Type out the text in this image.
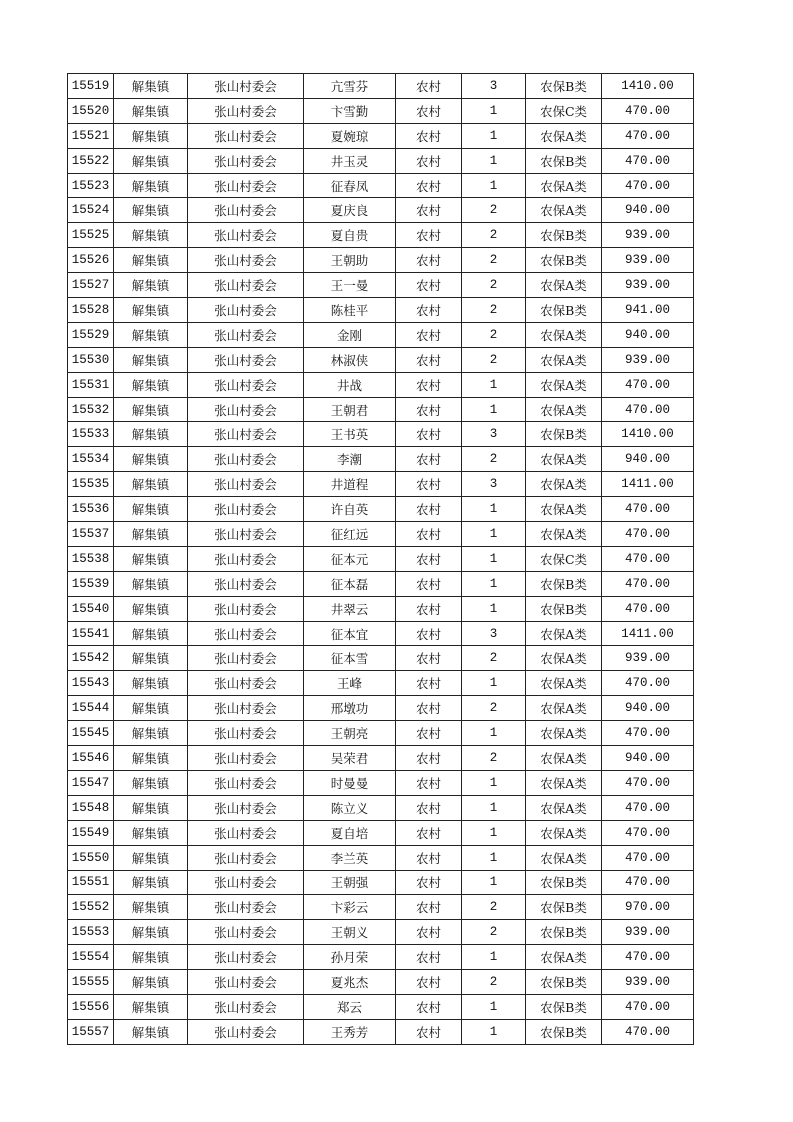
15519	解集镇	张山村委会	亢雪芬	农村	3	农保B类	1410.00
15520	解集镇	张山村委会	卞雪勤	农村	1	农保C类	470.00
15521	解集镇	张山村委会	夏婉琼	农村	1	农保A类	470.00
15522	解集镇	张山村委会	井玉灵	农村	1	农保B类	470.00
15523	解集镇	张山村委会	征春凤	农村	1	农保A类	470.00
15524	解集镇	张山村委会	夏庆良	农村	2	农保A类	940.00
15525	解集镇	张山村委会	夏自贵	农村	2	农保B类	939.00
15526	解集镇	张山村委会	王朝助	农村	2	农保B类	939.00
15527	解集镇	张山村委会	王一曼	农村	2	农保A类	939.00
15528	解集镇	张山村委会	陈桂平	农村	2	农保B类	941.00
15529	解集镇	张山村委会	金刚	农村	2	农保A类	940.00
15530	解集镇	张山村委会	林淑侠	农村	2	农保A类	939.00
15531	解集镇	张山村委会	井战	农村	1	农保A类	470.00
15532	解集镇	张山村委会	王朝君	农村	1	农保A类	470.00
15533	解集镇	张山村委会	王书英	农村	3	农保B类	1410.00
15534	解集镇	张山村委会	李潮	农村	2	农保A类	940.00
15535	解集镇	张山村委会	井道程	农村	3	农保A类	1411.00
15536	解集镇	张山村委会	许自英	农村	1	农保A类	470.00
15537	解集镇	张山村委会	征红远	农村	1	农保A类	470.00
15538	解集镇	张山村委会	征本元	农村	1	农保C类	470.00
15539	解集镇	张山村委会	征本磊	农村	1	农保B类	470.00
15540	解集镇	张山村委会	井翠云	农村	1	农保B类	470.00
15541	解集镇	张山村委会	征本宜	农村	3	农保A类	1411.00
15542	解集镇	张山村委会	征本雪	农村	2	农保A类	939.00
15543	解集镇	张山村委会	王峰	农村	1	农保A类	470.00
15544	解集镇	张山村委会	邢墩功	农村	2	农保A类	940.00
15545	解集镇	张山村委会	王朝亮	农村	1	农保A类	470.00
15546	解集镇	张山村委会	吴荣君	农村	2	农保A类	940.00
15547	解集镇	张山村委会	时曼曼	农村	1	农保A类	470.00
15548	解集镇	张山村委会	陈立义	农村	1	农保A类	470.00
15549	解集镇	张山村委会	夏自培	农村	1	农保A类	470.00
15550	解集镇	张山村委会	李兰英	农村	1	农保A类	470.00
15551	解集镇	张山村委会	王朝强	农村	1	农保B类	470.00
15552	解集镇	张山村委会	卞彩云	农村	2	农保B类	970.00
15553	解集镇	张山村委会	王朝义	农村	2	农保B类	939.00
15554	解集镇	张山村委会	孙月荣	农村	1	农保A类	470.00
15555	解集镇	张山村委会	夏兆杰	农村	2	农保B类	939.00
15556	解集镇	张山村委会	郑云	农村	1	农保B类	470.00
15557	解集镇	张山村委会	王秀芳	农村	1	农保B类	470.00
